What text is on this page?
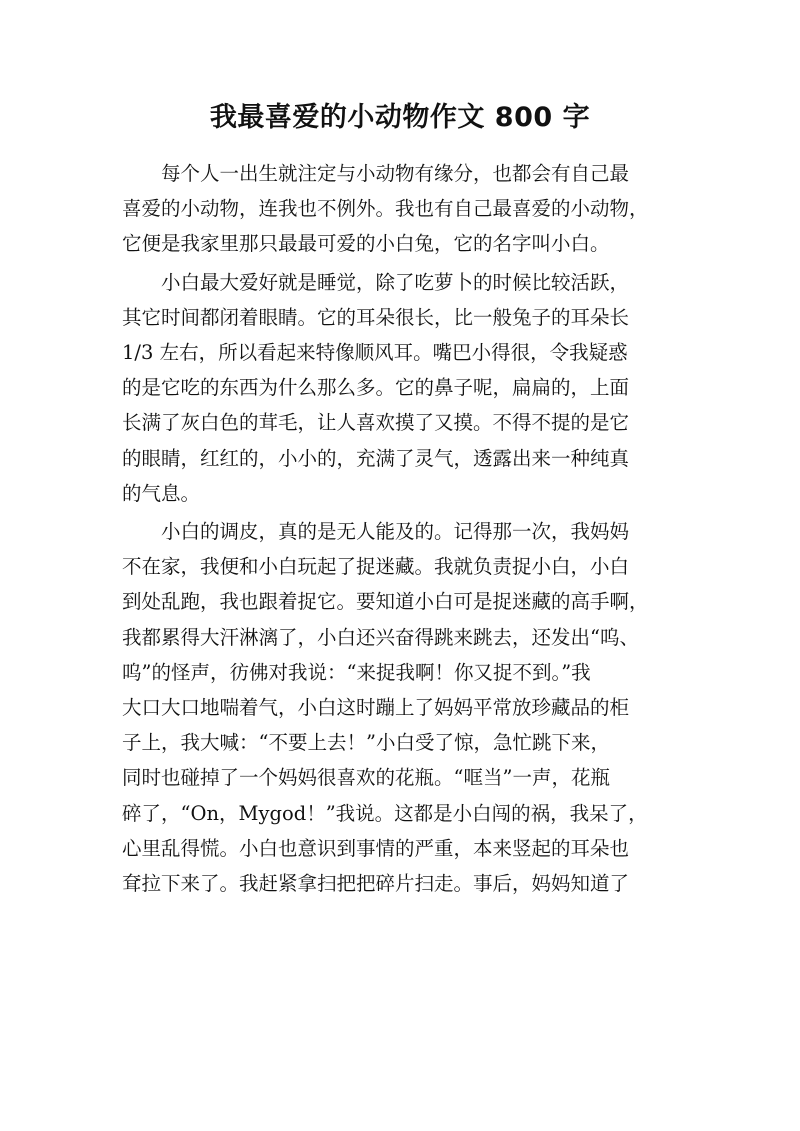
我最喜爱的小动物作文 800 字

每个人一出生就注定与小动物有缘分，也都会有自己最
喜爱的小动物，连我也不例外。我也有自己最喜爱的小动物，
它便是我家里那只最最可爱的小白兔，它的名字叫小白。

小白最大爱好就是睡觉，除了吃萝卜的时候比较活跃，
其它时间都闭着眼睛。它的耳朵很长，比一般兔子的耳朵长
1/3 左右，所以看起来特像顺风耳。嘴巴小得很，令我疑惑
的是它吃的东西为什么那么多。它的鼻子呢，扁扁的，上面
长满了灰白色的茸毛，让人喜欢摸了又摸。不得不提的是它
的眼睛，红红的，小小的，充满了灵气，透露出来一种纯真
的气息。

小白的调皮，真的是无人能及的。记得那一次，我妈妈
不在家，我便和小白玩起了捉迷藏。我就负责捉小白，小白
到处乱跑，我也跟着捉它。要知道小白可是捉迷藏的高手啊，
我都累得大汗淋漓了，小白还兴奋得跳来跳去，还发出“呜、
呜”的怪声，彷佛对我说：“来捉我啊！你又捉不到。”我
大口大口地喘着气，小白这时蹦上了妈妈平常放珍藏品的柜
子上，我大喊：“不要上去！”小白受了惊，急忙跳下来，
同时也碰掉了一个妈妈很喜欢的花瓶。“哐当”一声，花瓶
碎了，“On，Mygod！”我说。这都是小白闯的祸，我呆了，
心里乱得慌。小白也意识到事情的严重，本来竖起的耳朵也
耷拉下来了。我赶紧拿扫把把碎片扫走。事后，妈妈知道了
